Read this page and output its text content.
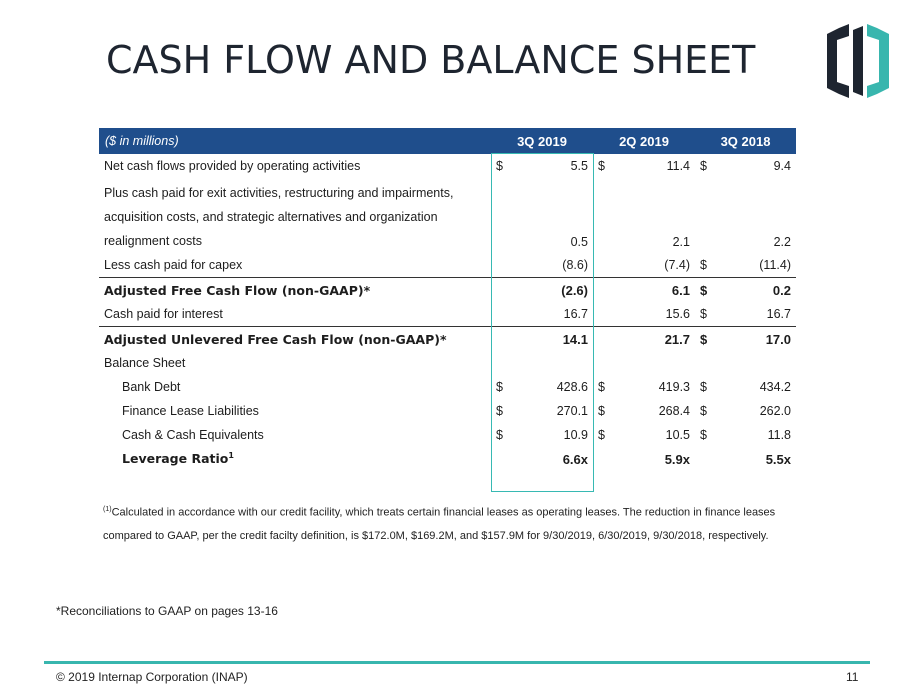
CASH FLOW AND BALANCE SHEET
($ in millions)	3Q 2019		2Q 2019		3Q 2018	
Net cash flows provided by operating activities	$	5.5	$	11.4	$	9.4

Plus cash paid for exit activities, restructuring and impairments,
acquisition costs, and strategic alternatives and organization
realignment costs		0.5		2.1		2.2
Less cash paid for capex		(8.6)		(7.4)	$	(11.4)
Adjusted Free Cash Flow (non-GAAP)*		(2.6)		6.1	$	0.2
Cash paid for interest		16.7		15.6	$	16.7
Adjusted Unlevered Free Cash Flow (non-GAAP)*		14.1		21.7	$	17.0
Balance Sheet						
Bank Debt	$	428.6	$	419.3	$	434.2
Finance Lease Liabilities	$	270.1	$	268.4	$	262.0
Cash & Cash Equivalents	$	10.9	$	10.5	$	11.8
Leverage Ratio$^1$		6.6x		5.9x		5.5x
$^{(1)}$Calculated in accordance with our credit facility, which treats certain financial leases as operating leases. The reduction in finance leases compared to GAAP, per the credit facilty definition, is $172.0M, $169.2M, and $157.9M for 9/30/2019, 6/30/2019, 9/30/2018, respectively.
*Reconciliations to GAAP on pages 13-16
© 2019 Internap Corporation (INAP)	11
